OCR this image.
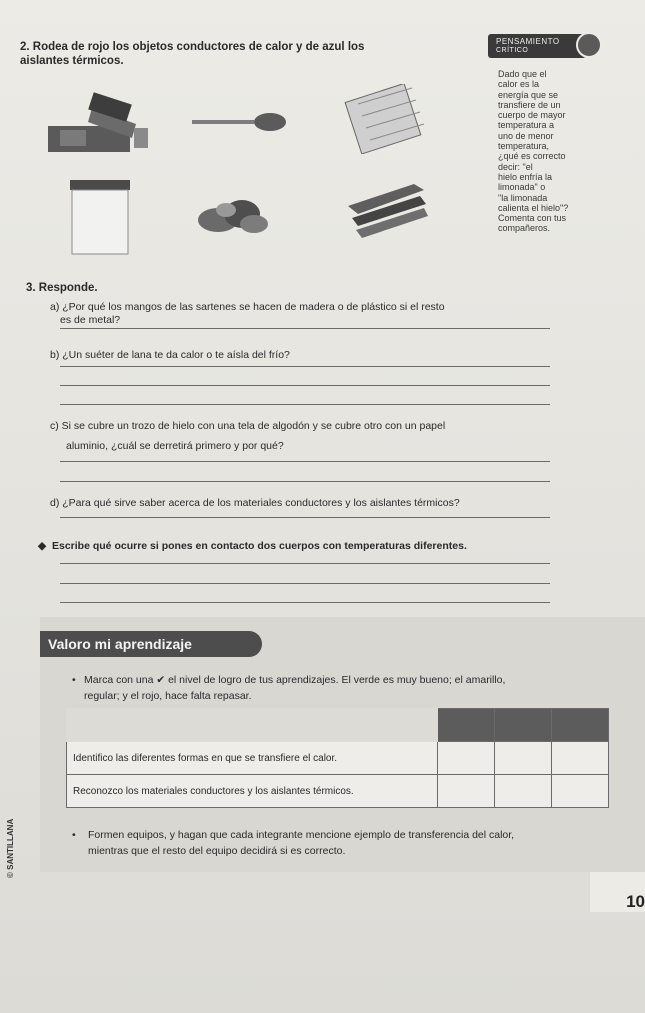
2. Rodea de rojo los objetos conductores de calor y de azul los
aislantes térmicos.
PENSAMIENTO
CRÍTICO
Dado que el
calor es la
energía que se
transfiere de un
cuerpo de mayor
temperatura a
uno de menor
temperatura,
¿qué es correcto
decir: "el
hielo enfría la
limonada" o
"la limonada
calienta el hielo"?
Comenta con tus
compañeros.
3. Responde.
a) ¿Por qué los mangos de las sartenes se hacen de madera o de plástico si el resto
es de metal?
b) ¿Un suéter de lana te da calor o te aísla del frío?
c) Si se cubre un trozo de hielo con una tela de algodón y se cubre otro con un papel
aluminio, ¿cuál se derretirá primero y por qué?
d) ¿Para qué sirve saber acerca de los materiales conductores y los aislantes térmicos?
◆ Escribe qué ocurre si pones en contacto dos cuerpos con temperaturas diferentes.
Valoro mi aprendizaje
• Marca con una ✔ el nivel de logro de tus aprendizajes. El verde es muy bueno; el amarillo,
regular; y el rojo, hace falta repasar.

Identifico las diferentes formas en que se transfiere el calor.			
Reconozco los materiales conductores y los aislantes térmicos.			
• Formen equipos, y hagan que cada integrante mencione ejemplo de transferencia del calor,
mientras que el resto del equipo decidirá si es correcto.
© SANTILLANA
10
